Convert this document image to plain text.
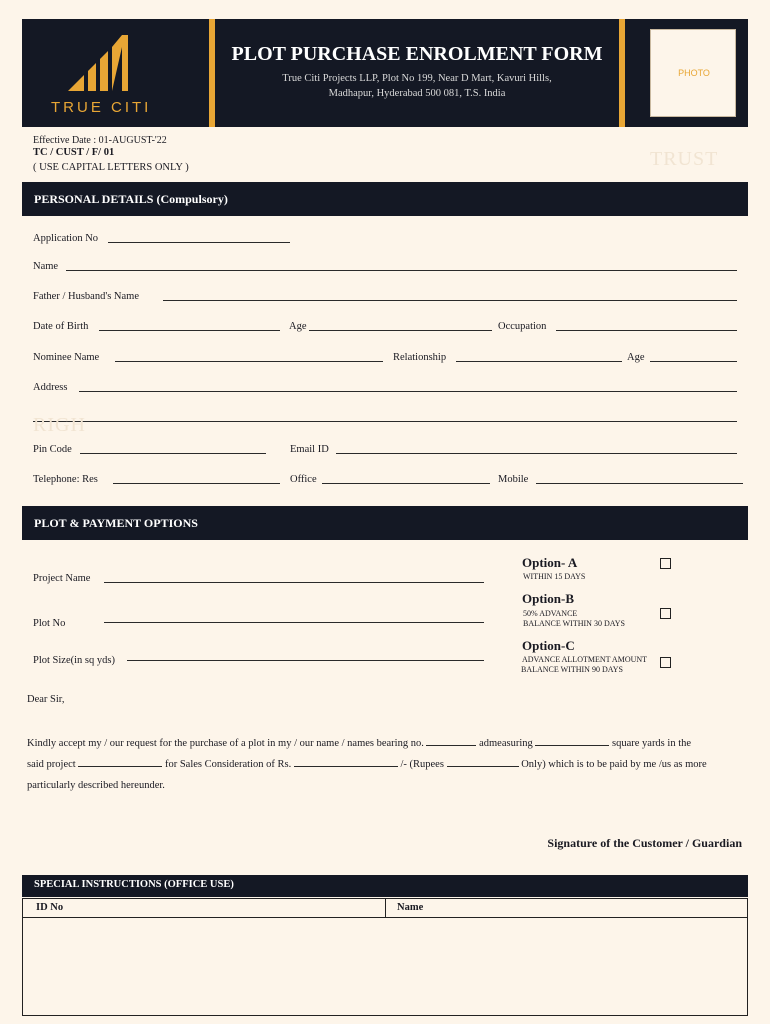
TRUE CITI
PLOT PURCHASE ENROLMENT FORM
True Citi Projects LLP, Plot No 199, Near D Mart, Kavuri Hills,
Madhapur, Hyderabad 500 081, T.S. India
PHOTO
Effective Date : 01-AUGUST-'22
TC / CUST / F/ 01
( USE CAPITAL LETTERS ONLY )	TRUST
PERSONAL DETAILS (Compulsory)
Application No
Name
Father / Husband's Name
Date of Birth	Age	Occupation
Nominee Name	Relationship	Age
Address
RIGH
Pin Code	Email ID
Telephone: Res	Office	Mobile
PLOT & PAYMENT OPTIONS
Project Name
Plot No
Plot Size(in sq yds)
Option- A
WITHIN 15 DAYS
Option-B
50% ADVANCE
BALANCE WITHIN 30 DAYS
Option-C
ADVANCE ALLOTMENT AMOUNT
BALANCE WITHIN 90 DAYS
Dear Sir,
Kindly accept my / our request for the purchase of a plot in my / our name / names bearing no.	admeasuring	square yards in the
said project	for Sales Consideration of Rs.	/- (Rupees	Only) which is to be paid by me /us as more
particularly described hereunder.
Signature of the Customer / Guardian
SPECIAL INSTRUCTIONS (OFFICE USE)
ID No	Name
